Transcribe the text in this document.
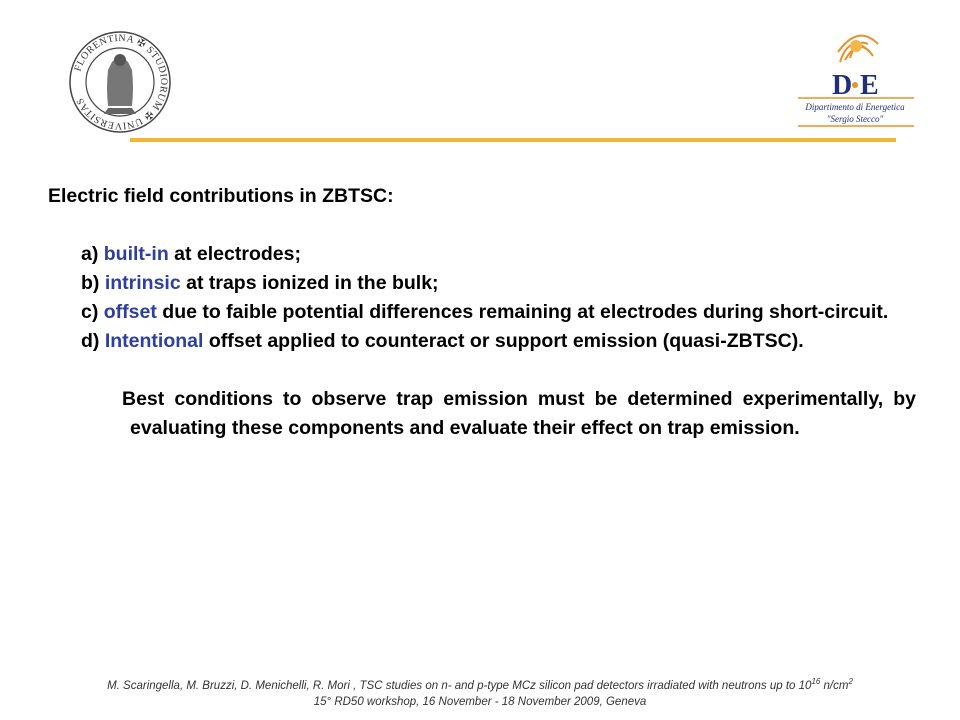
FLORENTINA ✠ STUDIORUM ✠ UNIVERSITAS	D E
Dipartimento di Energetica
"Sergio Stecco"
Electric field contributions in ZBTSC:
a) built-in at electrodes;
b) intrinsic at traps ionized in the bulk;
c) offset due to faible potential differences remaining at electrodes during short-circuit.
d) Intentional offset applied to counteract or support emission (quasi-ZBTSC).
Best conditions to observe trap emission must be determined experimentally, by evaluating these components and evaluate their effect on trap emission.
M. Scaringella, M. Bruzzi, D. Menichelli, R. Mori , TSC studies on n- and p-type MCz silicon pad detectors irradiated with neutrons up to $10^{16}$ $n/cm^2$
15° RD50 workshop, 16 November - 18 November 2009, Geneva
